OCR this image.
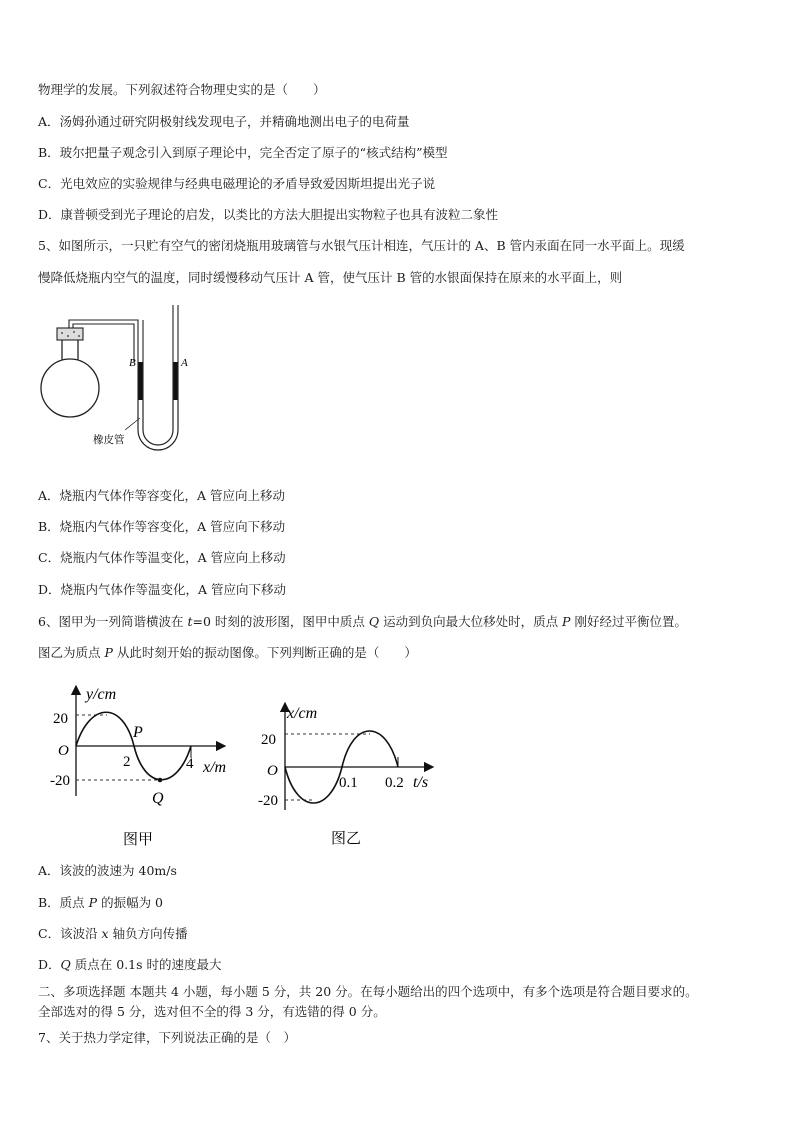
物理学的发展。下列叙述符合物理史实的是（　　）
A．汤姆孙通过研究阴极射线发现电子，并精确地测出电子的电荷量
B．玻尔把量子观念引入到原子理论中，完全否定了原子的“核式结构”模型
C．光电效应的实验规律与经典电磁理论的矛盾导致爱因斯坦提出光子说
D．康普顿受到光子理论的启发，以类比的方法大胆提出实物粒子也具有波粒二象性
5、如图所示，一只贮有空气的密闭烧瓶用玻璃管与水银气压计相连，气压计的 A、B 管内汞面在同一水平面上。现缓
慢降低烧瓶内空气的温度，同时缓慢移动气压计 A 管，使气压计 B 管的水银面保持在原来的水平面上，则
B	A
橡皮管
A．烧瓶内气体作等容变化，A 管应向上移动
B．烧瓶内气体作等容变化，A 管应向下移动
C．烧瓶内气体作等温变化，A 管应向上移动
D．烧瓶内气体作等温变化，A 管应向下移动
6、图甲为一列简谐横波在 t=0 时刻的波形图，图甲中质点 Q 运动到负向最大位移处时，质点 P 刚好经过平衡位置。
图乙为质点 P 从此时刻开始的振动图像。下列判断正确的是（　　）
y/cm
20
O
-20
2	4 x/m
P
Q
图甲
x/cm
20
O
-20
0.1 0.2 t/s
图乙
A．该波的波速为 40m/s
B．质点 P 的振幅为 0
C．该波沿 x 轴负方向传播
D．Q 质点在 0.1s 时的速度最大
二、多项选择题 本题共 4 小题，每小题 5 分，共 20 分。在每小题给出的四个选项中，有多个选项是符合题目要求的。
全部选对的得 5 分，选对但不全的得 3 分，有选错的得 0 分。
7、关于热力学定律，下列说法正确的是（　）
